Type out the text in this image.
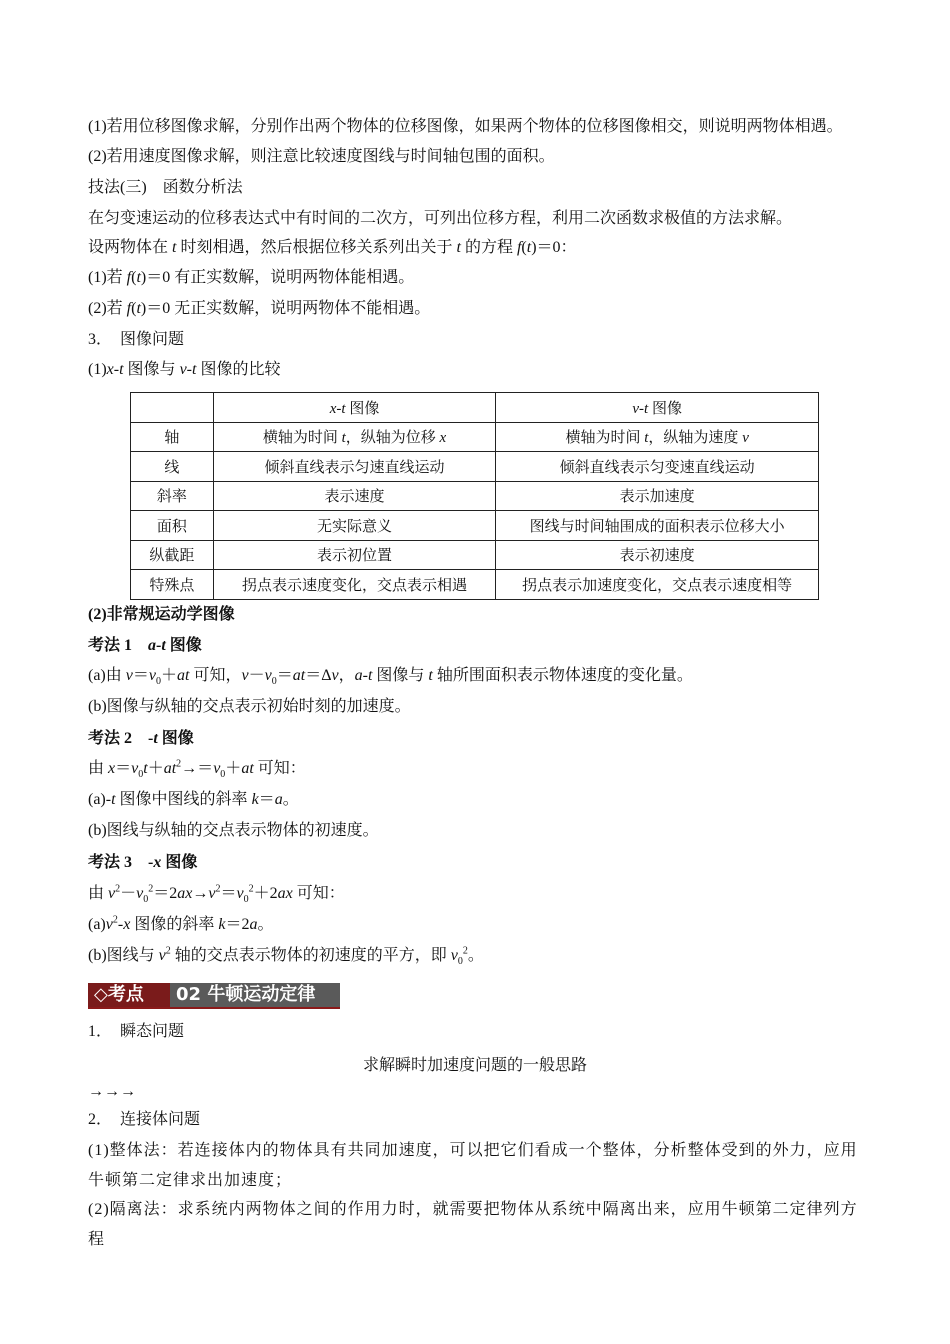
(1)若用位移图像求解，分别作出两个物体的位移图像，如果两个物体的位移图像相交，则说明两物体相遇。
(2)若用速度图像求解，则注意比较速度图线与时间轴包围的面积。
技法(三)　函数分析法
在匀变速运动的位移表达式中有时间的二次方，可列出位移方程，利用二次函数求极值的方法求解。
设两物体在 t 时刻相遇，然后根据位移关系列出关于 t 的方程 f(t)＝0：
(1)若 f(t)＝0 有正实数解，说明两物体能相遇。
(2)若 f(t)＝0 无正实数解，说明两物体不能相遇。
3．　图像问题
(1)x-t 图像与 v-t 图像的比较
	x-t 图像	v-t 图像
轴	横轴为时间 t，纵轴为位移 x	横轴为时间 t，纵轴为速度 v
线	倾斜直线表示匀速直线运动	倾斜直线表示匀变速直线运动
斜率	表示速度	表示加速度
面积	无实际意义	图线与时间轴围成的面积表示位移大小
纵截距	表示初位置	表示初速度
特殊点	拐点表示速度变化，交点表示相遇	拐点表示加速度变化，交点表示速度相等
(2)非常规运动学图像
考法 1　a-t 图像
(a)由 $v=v_0+at$ 可知，$v-v_0=at=\Delta v$，a-t 图像与 t 轴所围面积表示物体速度的变化量。
(b)图像与纵轴的交点表示初始时刻的加速度。
考法 2　-t 图像
由 $x=v_0t+at^2\to=v_0+at$ 可知：
(a)-t 图像中图线的斜率 k＝a。
(b)图线与纵轴的交点表示物体的初速度。
考法 3　-x 图像
由 $v^2-v_0^2=2ax\to v^2=v_0^2+2ax$ 可知：
$(a)v^2-x$ 图像的斜率 k＝2a。
(b)图线与 $v^2$ 轴的交点表示物体的初速度的平方，即 $v_0^2$。
◇考点	02 牛顿运动定律
1．　瞬态问题
求解瞬时加速度问题的一般思路
→→→
2．　连接体问题
(1)整体法：若连接体内的物体具有共同加速度，可以把它们看成一个整体，分析整体受到的外力，应用牛顿第二定律求出加速度；
(2)隔离法：求系统内两物体之间的作用力时，就需要把物体从系统中隔离出来，应用牛顿第二定律列方程
